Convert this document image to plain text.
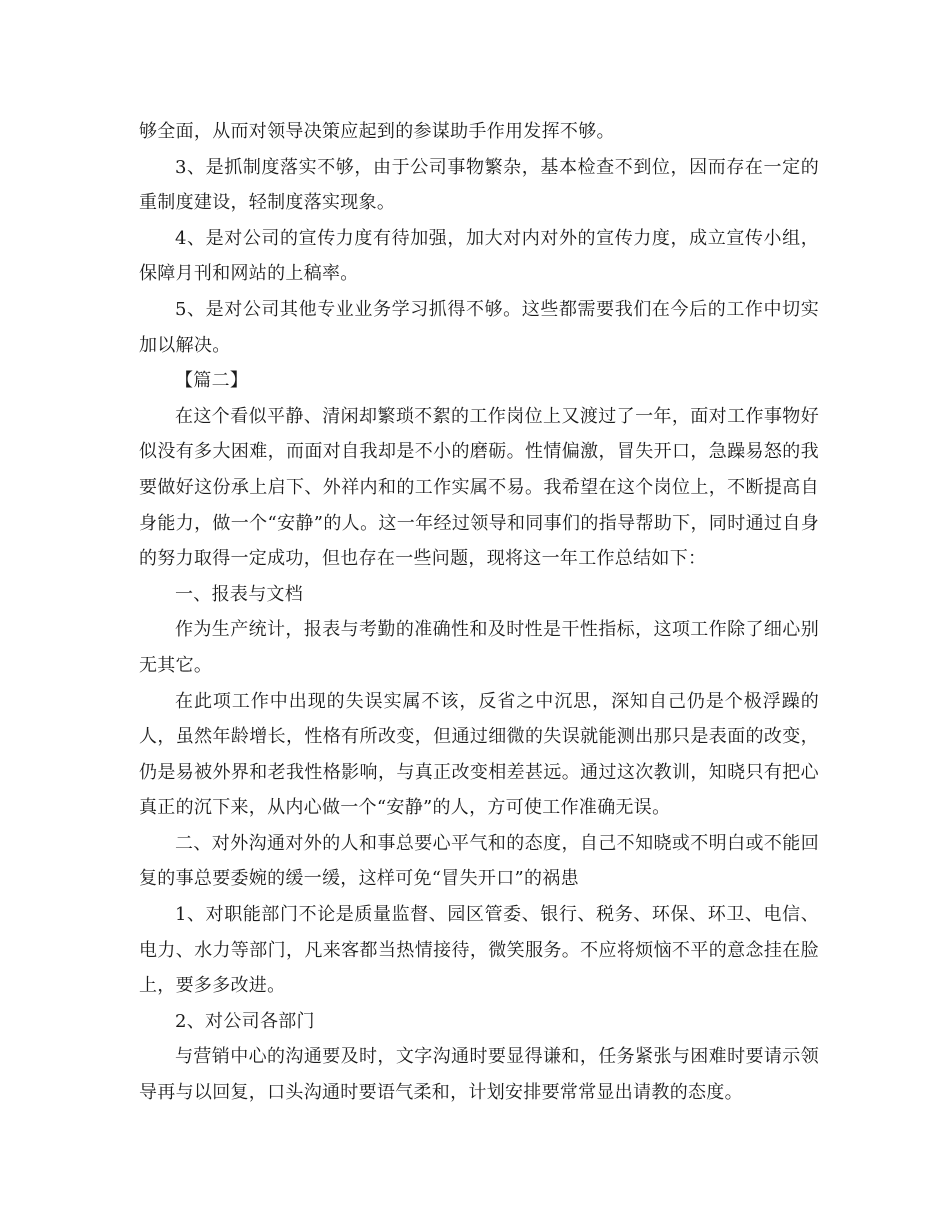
够全面，从而对领导决策应起到的参谋助手作用发挥不够。

3、是抓制度落实不够，由于公司事物繁杂，基本检查不到位，因而存在一定的重制度建设，轻制度落实现象。

4、是对公司的宣传力度有待加强，加大对内对外的宣传力度，成立宣传小组，保障月刊和网站的上稿率。

5、是对公司其他专业业务学习抓得不够。这些都需要我们在今后的工作中切实加以解决。

【篇二】

在这个看似平静、清闲却繁琐不絮的工作岗位上又渡过了一年，面对工作事物好似没有多大困难，而面对自我却是不小的磨砺。性情偏激，冒失开口，急躁易怒的我要做好这份承上启下、外祥内和的工作实属不易。我希望在这个岗位上，不断提高自身能力，做一个“安静”的人。这一年经过领导和同事们的指导帮助下，同时通过自身的努力取得一定成功，但也存在一些问题，现将这一年工作总结如下：

一、报表与文档

作为生产统计，报表与考勤的准确性和及时性是干性指标，这项工作除了细心别无其它。

在此项工作中出现的失误实属不该，反省之中沉思，深知自己仍是个极浮躁的人，虽然年龄增长，性格有所改变，但通过细微的失误就能测出那只是表面的改变，仍是易被外界和老我性格影响，与真正改变相差甚远。通过这次教训，知晓只有把心真正的沉下来，从内心做一个“安静”的人，方可使工作准确无误。

二、对外沟通对外的人和事总要心平气和的态度，自己不知晓或不明白或不能回复的事总要委婉的缓一缓，这样可免“冒失开口”的祸患

1、对职能部门不论是质量监督、园区管委、银行、税务、环保、环卫、电信、电力、水力等部门，凡来客都当热情接待，微笑服务。不应将烦恼不平的意念挂在脸上，要多多改进。

2、对公司各部门

与营销中心的沟通要及时，文字沟通时要显得谦和，任务紧张与困难时要请示领导再与以回复，口头沟通时要语气柔和，计划安排要常常显出请教的态度。
